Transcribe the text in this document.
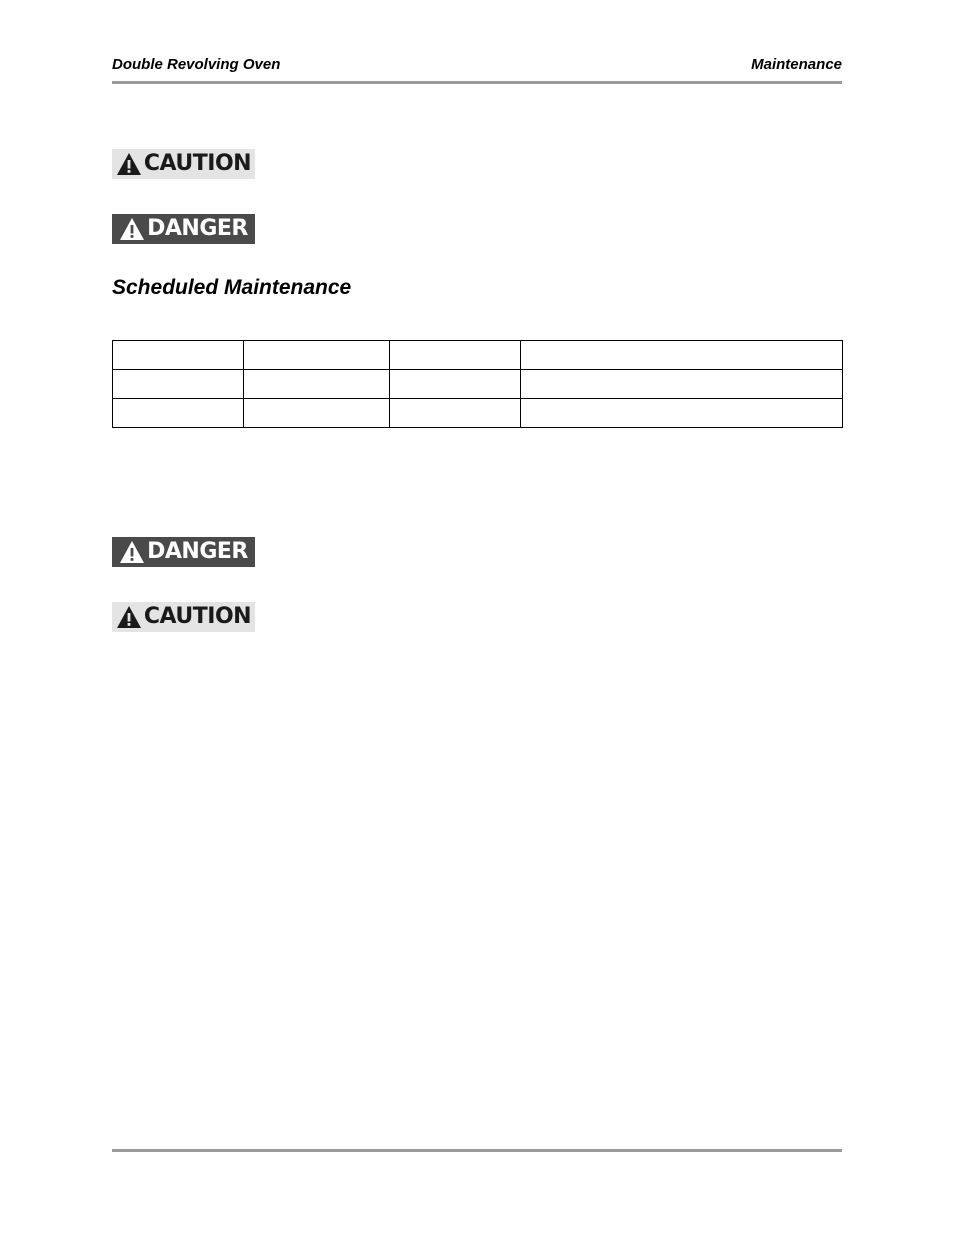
Double Revolving Oven	Maintenance
CAUTION
DANGER
Scheduled Maintenance

DANGER
CAUTION
